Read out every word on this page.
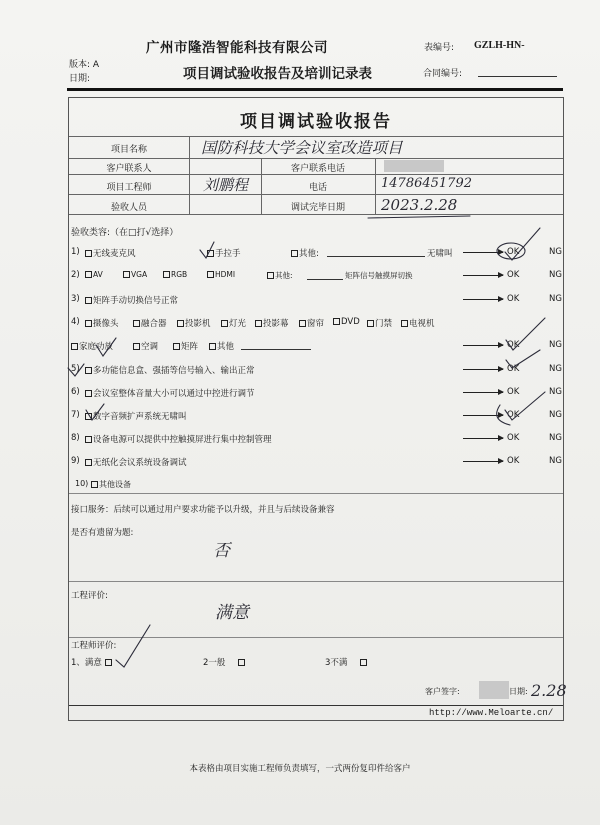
广州市隆浩智能科技有限公司	表编号: GZLH-HN-
版本: A
日期:	项目调试验收报告及培训记录表	合同编号:
项目调试验收报告
项目名称	国防科技大学会议室改造项目
客户联系人	客户联系电话
项目工程师	刘鹏程	电话	14786451792
验收人员	调试完毕日期	2023.2.28
验收类容:（在□打√选择）
1)	无线麦克风	手拉手	其他:	无啸叫	OK	NG
2)	AV	VGA	RGB	HDMI	其他:	矩阵信号触摸屏切换	OK	NG
3)	矩阵手动切换信号正常	OK	NG
4)	摄像头	融合器	投影机	灯光	投影幕	窗帘	DVD	门禁	电视机
家庭功放	空调	矩阵	其他	OK	NG
5)	多功能信息盒、强插等信号输入、输出正常	OK	NG
6)	会议室整体音量大小可以通过中控进行调节	OK	NG
7)	数字音频扩声系统无啸叫	OK	NG
8)	设备电源可以提供中控触摸屏进行集中控制管理	OK	NG
9)	无纸化会议系统设备调试	OK	NG
10)	其他设备
接口服务：后续可以通过用户要求功能予以升级，并且与后续设备兼容
是否有遗留为题:
否
工程评价:
满意
工程师评价:
1、满意	2一般	3不满
客户签字:	日期: 2.28
http://www.Meloarte.cn/
本表格由项目实施工程师负责填写，一式两份复印件给客户
